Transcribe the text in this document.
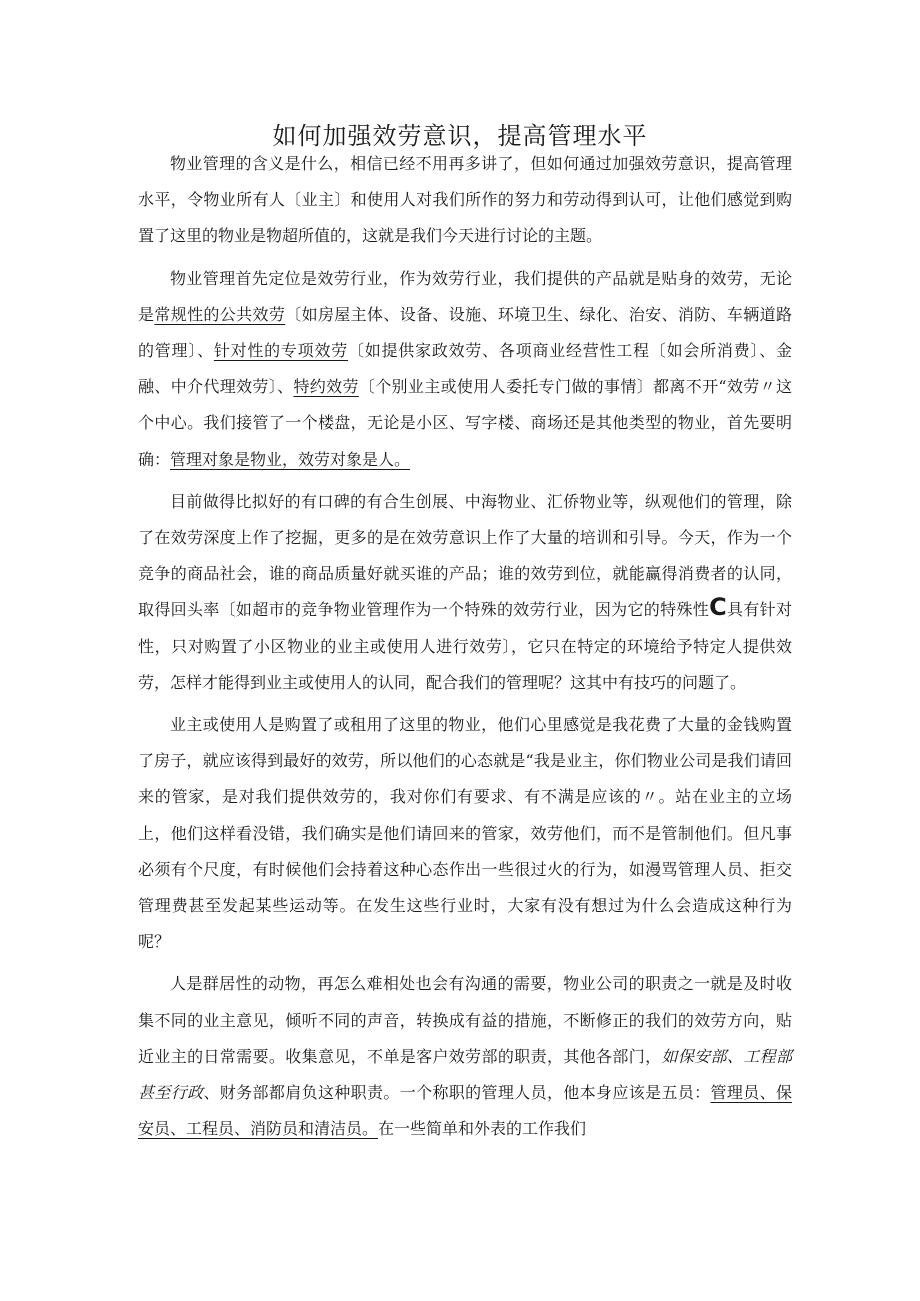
如何加强效劳意识，提高管理水平

物业管理的含义是什么，相信已经不用再多讲了，但如何通过加强效劳意识，提高管理水平，令物业所有人〔业主〕和使用人对我们所作的努力和劳动得到认可，让他们感觉到购置了这里的物业是物超所值的，这就是我们今天进行讨论的主题。

物业管理首先定位是效劳行业，作为效劳行业，我们提供的产品就是贴身的效劳，无论是常规性的公共效劳〔如房屋主体、设备、设施、环境卫生、绿化、治安、消防、车辆道路的管理〕、针对性的专项效劳〔如提供家政效劳、各项商业经营性工程〔如会所消费〕、金融、中介代理效劳〕、特约效劳〔个别业主或使用人委托专门做的事情〕都离不开“效劳〃这个中心。我们接管了一个楼盘，无论是小区、写字楼、商场还是其他类型的物业，首先要明确：管理对象是物业，效劳对象是人。

目前做得比拟好的有口碑的有合生创展、中海物业、汇侨物业等，纵观他们的管理，除了在效劳深度上作了挖掘，更多的是在效劳意识上作了大量的培训和引导。今天，作为一个竞争的商品社会，谁的商品质量好就买谁的产品；谁的效劳到位，就能赢得消费者的认同，取得回头率〔如超市的竞争物业管理作为一个特殊的效劳行业，因为它的特殊性C具有针对性，只对购置了小区物业的业主或使用人进行效劳〕，它只在特定的环境给予特定人提供效劳，怎样才能得到业主或使用人的认同，配合我们的管理呢？这其中有技巧的问题了。

业主或使用人是购置了或租用了这里的物业，他们心里感觉是我花费了大量的金钱购置了房子，就应该得到最好的效劳，所以他们的心态就是“我是业主，你们物业公司是我们请回来的管家，是对我们提供效劳的，我对你们有要求、有不满是应该的〃。站在业主的立场上，他们这样看没错，我们确实是他们请回来的管家，效劳他们，而不是管制他们。但凡事必须有个尺度，有时候他们会持着这种心态作出一些很过火的行为，如漫骂管理人员、拒交管理费甚至发起某些运动等。在发生这些行业时，大家有没有想过为什么会造成这种行为呢？

人是群居性的动物，再怎么难相处也会有沟通的需要，物业公司的职责之一就是及时收集不同的业主意见，倾听不同的声音，转换成有益的措施，不断修正的我们的效劳方向，贴近业主的日常需要。收集意见，不单是客户效劳部的职责，其他各部门，如保安部、工程部甚至行政、财务部都肩负这种职责。一个称职的管理人员，他本身应该是五员：管理员、保安员、工程员、消防员和清洁员。在一些简单和外表的工作我们
